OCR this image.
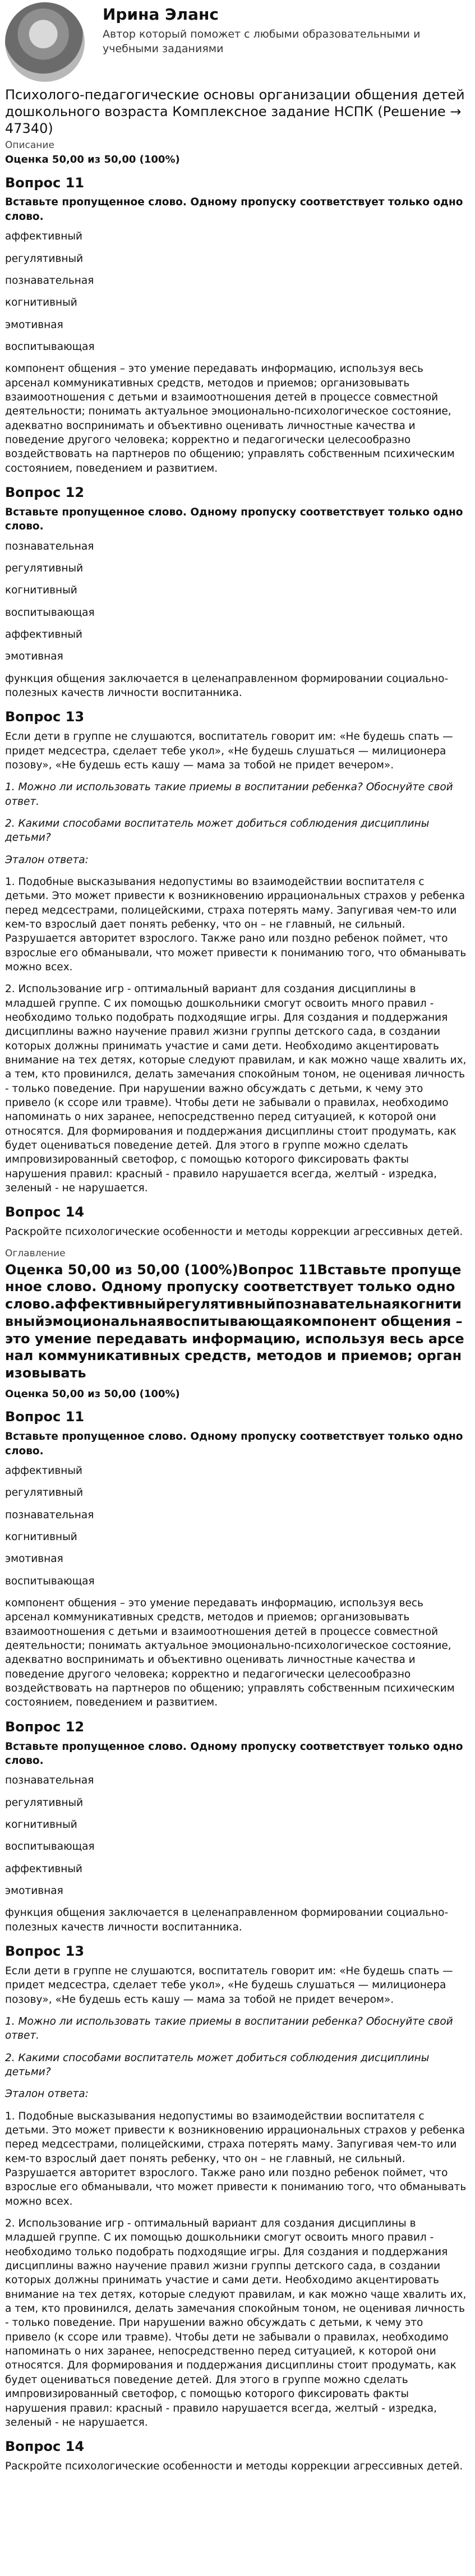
Ирина Эланс
Автор который поможет с любыми образовательными и учебными заданиями
Психолого-педагогические основы организации общения детей дошкольного возраста Комплексное задание НСПК (Решение → 47340)
Описание
Оценка 50,00 из 50,00 (100%)
Вопрос 11
Вставьте пропущенное слово. Одному пропуску соответствует только одно слово.
аффективный
регулятивный
познавательная
когнитивный
эмотивная
воспитывающая
компонент общения – это умение передавать информацию, используя весь арсенал коммуникативных средств, методов и приемов; организовывать взаимоотношения с детьми и взаимоотношения детей в процессе совместной деятельности; понимать актуальное эмоционально-психологическое состояние, адекватно воспринимать и объективно оценивать личностные качества и поведение другого человека; корректно и педагогически целесообразно воздействовать на партнеров по общению; управлять собственным психическим состоянием, поведением и развитием.
Вопрос 12
Вставьте пропущенное слово. Одному пропуску соответствует только одно слово.
познавательная
регулятивный
когнитивный
воспитывающая
аффективный
эмотивная
функция общения заключается в целенаправленном формировании социально-полезных качеств личности воспитанника.
Вопрос 13
Если дети в группе не слушаются, воспитатель говорит им: «Не будешь спать — придет медсестра, сделает тебе укол», «Не будешь слушаться — милиционера позову», «Не будешь есть кашу — мама за тобой не придет вечером».
1. Можно ли использовать такие приемы в воспитании ребенка? Обоснуйте свой ответ.
2. Какими способами воспитатель может добиться соблюдения дисциплины детьми?
Эталон ответа:
1. Подобные высказывания недопустимы во взаимодействии воспитателя с детьми. Это может привести к возникновению иррациональных страхов у ребенка перед медсестрами, полицейскими, страха потерять маму. Запугивая чем-то или кем-то взрослый дает понять ребенку, что он – не главный, не сильный. Разрушается авторитет взрослого. Также рано или поздно ребенок поймет, что взрослые его обманывали, что может привести к пониманию того, что обманывать можно всех.
2. Использование игр - оптимальный вариант для создания дисциплины в младшей группе. С их помощью дошкольники смогут освоить много правил - необходимо только подобрать подходящие игры. Для создания и поддержания дисциплины важно научение правил жизни группы детского сада, в создании которых должны принимать участие и сами дети. Необходимо акцентировать внимание на тех детях, которые следуют правилам, и как можно чаще хвалить их, а тем, кто провинился, делать замечания спокойным тоном, не оценивая личность - только поведение. При нарушении важно обсуждать с детьми, к чему это привело (к ссоре или травме). Чтобы дети не забывали о правилах, необходимо напоминать о них заранее, непосредственно перед ситуацией, к которой они относятся. Для формирования и поддержания дисциплины стоит продумать, как будет оцениваться поведение детей. Для этого в группе можно сделать импровизированный светофор, с помощью которого фиксировать факты нарушения правил: красный - правило нарушается всегда, желтый - изредка, зеленый - не нарушается.
Вопрос 14
Раскройте психологические особенности и методы коррекции агрессивных детей.
Оглавление
Оценка 50,00 из 50,00 (100%)Вопрос 11Вставьте пропущенное слово. Одному пропуску соответствует только одно слово.аффективныйрегулятивныйпознавательнаякогнитивныйэмоциональнаявоспитывающаякомпонент общения – это умение передавать информацию, используя весь арсенал коммуникативных средств, методов и приемов; организовывать
Оценка 50,00 из 50,00 (100%)
Вопрос 11
Вставьте пропущенное слово. Одному пропуску соответствует только одно слово.
аффективный
регулятивный
познавательная
когнитивный
эмотивная
воспитывающая
компонент общения – это умение передавать информацию, используя весь арсенал коммуникативных средств, методов и приемов; организовывать взаимоотношения с детьми и взаимоотношения детей в процессе совместной деятельности; понимать актуальное эмоционально-психологическое состояние, адекватно воспринимать и объективно оценивать личностные качества и поведение другого человека; корректно и педагогически целесообразно воздействовать на партнеров по общению; управлять собственным психическим состоянием, поведением и развитием.
Вопрос 12
Вставьте пропущенное слово. Одному пропуску соответствует только одно слово.
познавательная
регулятивный
когнитивный
воспитывающая
аффективный
эмотивная
функция общения заключается в целенаправленном формировании социально-полезных качеств личности воспитанника.
Вопрос 13
Если дети в группе не слушаются, воспитатель говорит им: «Не будешь спать — придет медсестра, сделает тебе укол», «Не будешь слушаться — милиционера позову», «Не будешь есть кашу — мама за тобой не придет вечером».
1. Можно ли использовать такие приемы в воспитании ребенка? Обоснуйте свой ответ.
2. Какими способами воспитатель может добиться соблюдения дисциплины детьми?
Эталон ответа:
1. Подобные высказывания недопустимы во взаимодействии воспитателя с детьми. Это может привести к возникновению иррациональных страхов у ребенка перед медсестрами, полицейскими, страха потерять маму. Запугивая чем-то или кем-то взрослый дает понять ребенку, что он – не главный, не сильный. Разрушается авторитет взрослого. Также рано или поздно ребенок поймет, что взрослые его обманывали, что может привести к пониманию того, что обманывать можно всех.
2. Использование игр - оптимальный вариант для создания дисциплины в младшей группе. С их помощью дошкольники смогут освоить много правил - необходимо только подобрать подходящие игры. Для создания и поддержания дисциплины важно научение правил жизни группы детского сада, в создании которых должны принимать участие и сами дети. Необходимо акцентировать внимание на тех детях, которые следуют правилам, и как можно чаще хвалить их, а тем, кто провинился, делать замечания спокойным тоном, не оценивая личность - только поведение. При нарушении важно обсуждать с детьми, к чему это привело (к ссоре или травме). Чтобы дети не забывали о правилах, необходимо напоминать о них заранее, непосредственно перед ситуацией, к которой они относятся. Для формирования и поддержания дисциплины стоит продумать, как будет оцениваться поведение детей. Для этого в группе можно сделать импровизированный светофор, с помощью которого фиксировать факты нарушения правил: красный - правило нарушается всегда, желтый - изредка, зеленый - не нарушается.
Вопрос 14
Раскройте психологические особенности и методы коррекции агрессивных детей.
